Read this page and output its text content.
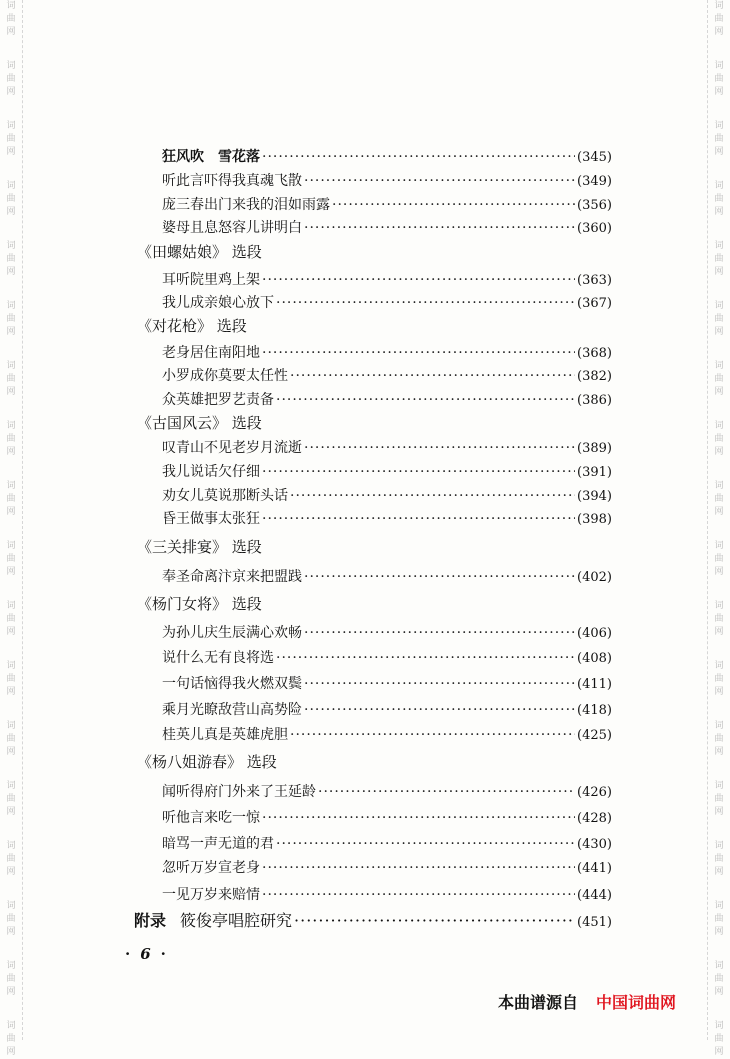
词
曲
网
词
曲
网
词
曲
网
词
曲
网
词
曲
网
词
曲
网
词
曲
网
词
曲
网
词
曲
网
词
曲
网
词
曲
网
词
曲
网
词
曲
网
词
曲
网
词
曲
网
词
曲
网
词
曲
网
词
曲
网
词
曲
网
词
曲
网
词
曲
网
词
曲
网
词
曲
网
词
曲
网
词
曲
网
词
曲
网
词
曲
网
词
曲
网
词
曲
网
词
曲
网
词
曲
网
词
曲
网
词
曲
网
词
曲
网
词
曲
网
词
曲
网
狂风吹　雪花落 ·····	(345)
听此言吓得我真魂飞散 ·····	(349)
庞三春出门来我的泪如雨露 ·····	(356)
婆母且息怒容儿讲明白 ·····	(360)
《田螺姑娘》 选段
耳听院里鸡上架 ·····	(363)
我儿成亲娘心放下 ·····	(367)
《对花枪》 选段
老身居住南阳地 ·····	(368)
小罗成你莫要太任性 ·····	(382)
众英雄把罗艺责备 ·····	(386)
《古国风云》 选段
叹青山不见老岁月流逝 ·····	(389)
我儿说话欠仔细 ·····	(391)
劝女儿莫说那断头话 ·····	(394)
昏王做事太张狂 ·····	(398)
《三关排宴》 选段
奉圣命离汴京来把盟践 ·····	(402)
《杨门女将》 选段
为孙儿庆生辰满心欢畅 ·····	(406)
说什么无有良将选 ·····	(408)
一句话恼得我火燃双鬓 ·····	(411)
乘月光瞭敌营山高势险 ·····	(418)
桂英儿真是英雄虎胆 ·····	(425)
《杨八姐游春》 选段
闻听得府门外来了王延龄 ·····	(426)
听他言来吃一惊 ·····	(428)
暗骂一声无道的君 ·····	(430)
忽听万岁宣老身 ·····	(441)
一见万岁来赔情 ·····	(444)
附录 筱俊亭唱腔研究 ·····	(451)
· 6 ·
本曲谱源自 中国词曲网
